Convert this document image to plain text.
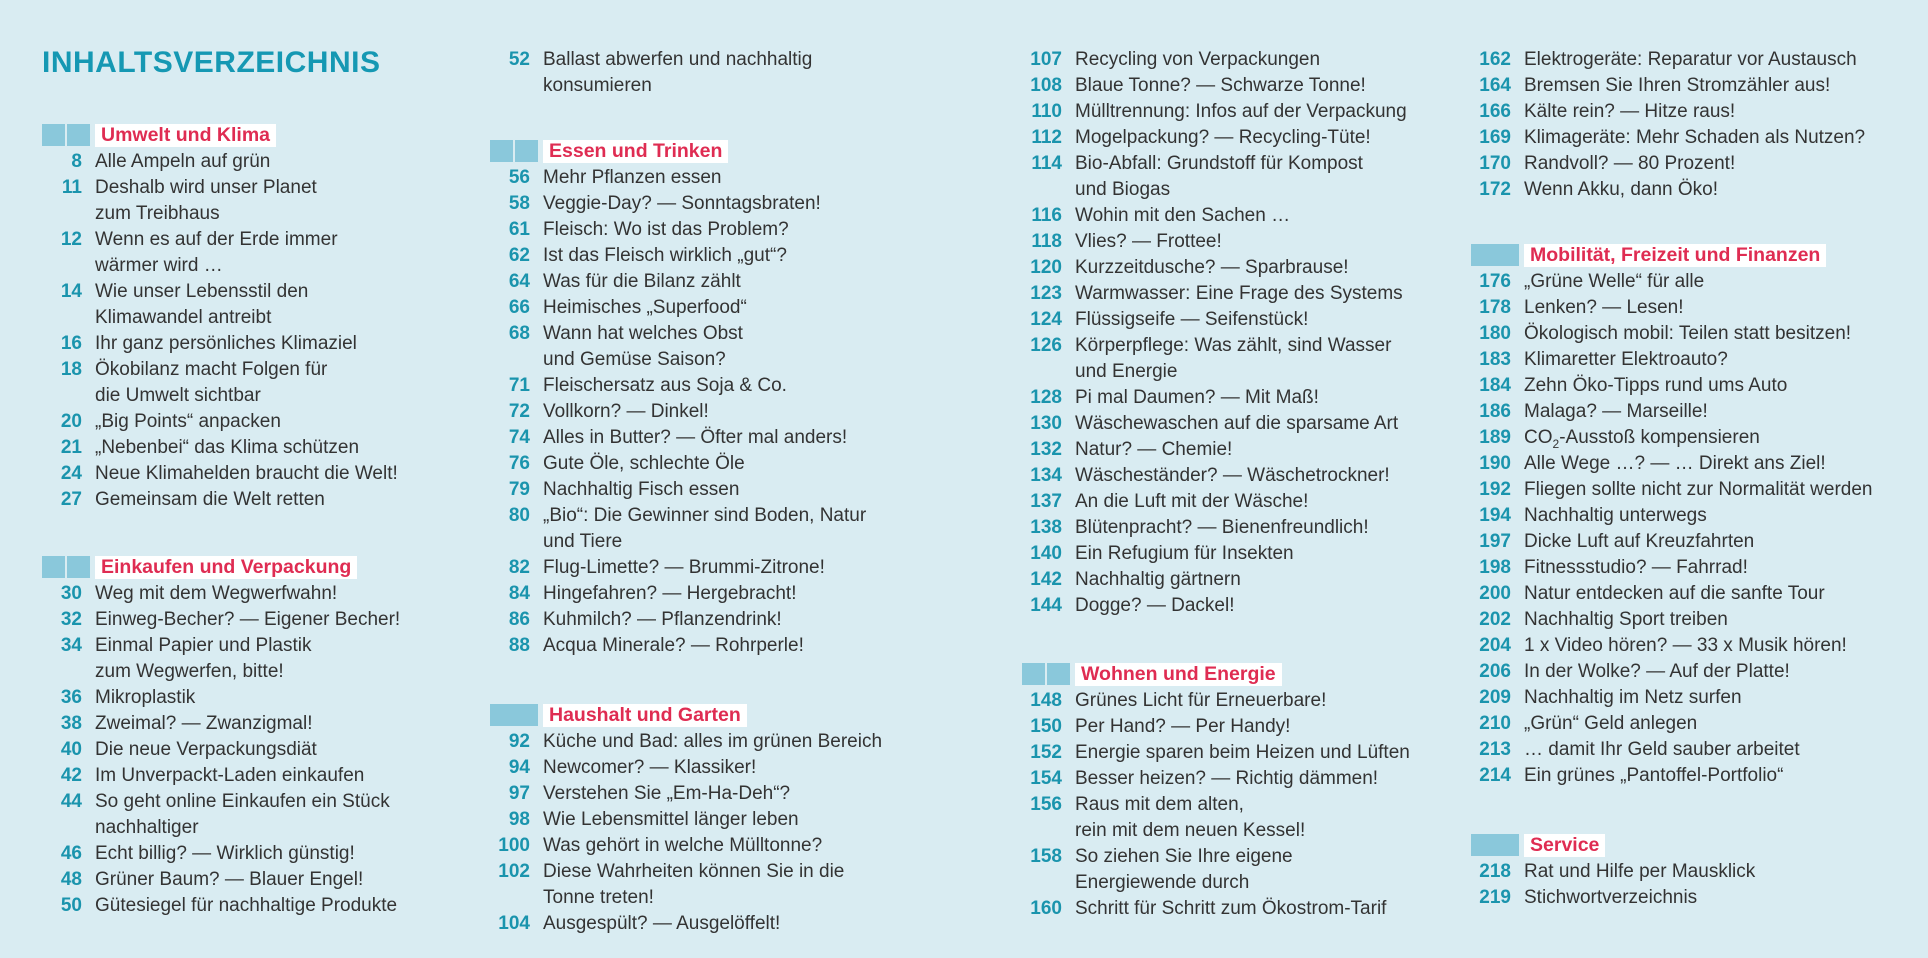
INHALTSVERZEICHNIS
Umwelt und Klima
8 Alle Ampeln auf grün
11 Deshalb wird unser Planet
zum Treibhaus
12 Wenn es auf der Erde immer
wärmer wird …
14 Wie unser Lebensstil den
Klimawandel antreibt
16 Ihr ganz persönliches Klimaziel
18 Ökobilanz macht Folgen für
die Umwelt sichtbar
20 „Big Points“ anpacken
21 „Nebenbei“ das Klima schützen
24 Neue Klimahelden braucht die Welt!
27 Gemeinsam die Welt retten
Einkaufen und Verpackung
30 Weg mit dem Wegwerfwahn!
32 Einweg-Becher? — Eigener Becher!
34 Einmal Papier und Plastik
zum Wegwerfen, bitte!
36 Mikroplastik
38 Zweimal? — Zwanzigmal!
40 Die neue Verpackungsdiät
42 Im Unverpackt-Laden einkaufen
44 So geht online Einkaufen ein Stück
nachhaltiger
46 Echt billig? — Wirklich günstig!
48 Grüner Baum? — Blauer Engel!
50 Gütesiegel für nachhaltige Produkte
52 Ballast abwerfen und nachhaltig
konsumieren
Essen und Trinken
56 Mehr Pflanzen essen
58 Veggie-Day? — Sonntagsbraten!
61 Fleisch: Wo ist das Problem?
62 Ist das Fleisch wirklich „gut“?
64 Was für die Bilanz zählt
66 Heimisches „Superfood“
68 Wann hat welches Obst
und Gemüse Saison?
71 Fleischersatz aus Soja & Co.
72 Vollkorn? — Dinkel!
74 Alles in Butter? — Öfter mal anders!
76 Gute Öle, schlechte Öle
79 Nachhaltig Fisch essen
80 „Bio“: Die Gewinner sind Boden, Natur
und Tiere
82 Flug-Limette? — Brummi-Zitrone!
84 Hingefahren? — Hergebracht!
86 Kuhmilch? — Pflanzendrink!
88 Acqua Minerale? — Rohrperle!
Haushalt und Garten
92 Küche und Bad: alles im grünen Bereich
94 Newcomer? — Klassiker!
97 Verstehen Sie „Em-Ha-Deh“?
98 Wie Lebensmittel länger leben
100 Was gehört in welche Mülltonne?
102 Diese Wahrheiten können Sie in die
Tonne treten!
104 Ausgespült? — Ausgelöffelt!
107 Recycling von Verpackungen
108 Blaue Tonne? — Schwarze Tonne!
110 Mülltrennung: Infos auf der Verpackung
112 Mogelpackung? — Recycling-Tüte!
114 Bio-Abfall: Grundstoff für Kompost
und Biogas
116 Wohin mit den Sachen …
118 Vlies? — Frottee!
120 Kurzzeitdusche? — Sparbrause!
123 Warmwasser: Eine Frage des Systems
124 Flüssigseife — Seifenstück!
126 Körperpflege: Was zählt, sind Wasser
und Energie
128 Pi mal Daumen? — Mit Maß!
130 Wäschewaschen auf die sparsame Art
132 Natur? — Chemie!
134 Wäscheständer? — Wäschetrockner!
137 An die Luft mit der Wäsche!
138 Blütenpracht? — Bienenfreundlich!
140 Ein Refugium für Insekten
142 Nachhaltig gärtnern
144 Dogge? — Dackel!
Wohnen und Energie
148 Grünes Licht für Erneuerbare!
150 Per Hand? — Per Handy!
152 Energie sparen beim Heizen und Lüften
154 Besser heizen? — Richtig dämmen!
156 Raus mit dem alten,
rein mit dem neuen Kessel!
158 So ziehen Sie Ihre eigene
Energiewende durch
160 Schritt für Schritt zum Ökostrom-Tarif
162 Elektrogeräte: Reparatur vor Austausch
164 Bremsen Sie Ihren Stromzähler aus!
166 Kälte rein? — Hitze raus!
169 Klimageräte: Mehr Schaden als Nutzen?
170 Randvoll? — 80 Prozent!
172 Wenn Akku, dann Öko!
Mobilität, Freizeit und Finanzen
176 „Grüne Welle“ für alle
178 Lenken? — Lesen!
180 Ökologisch mobil: Teilen statt besitzen!
183 Klimaretter Elektroauto?
184 Zehn Öko-Tipps rund ums Auto
186 Malaga? — Marseille!
189 $CO_2$-Ausstoß kompensieren
190 Alle Wege …? — … Direkt ans Ziel!
192 Fliegen sollte nicht zur Normalität werden
194 Nachhaltig unterwegs
197 Dicke Luft auf Kreuzfahrten
198 Fitnessstudio? — Fahrrad!
200 Natur entdecken auf die sanfte Tour
202 Nachhaltig Sport treiben
204 1 x Video hören? — 33 x Musik hören!
206 In der Wolke? — Auf der Platte!
209 Nachhaltig im Netz surfen
210 „Grün“ Geld anlegen
213 … damit Ihr Geld sauber arbeitet
214 Ein grünes „Pantoffel-Portfolio“
Service
218 Rat und Hilfe per Mausklick
219 Stichwortverzeichnis
